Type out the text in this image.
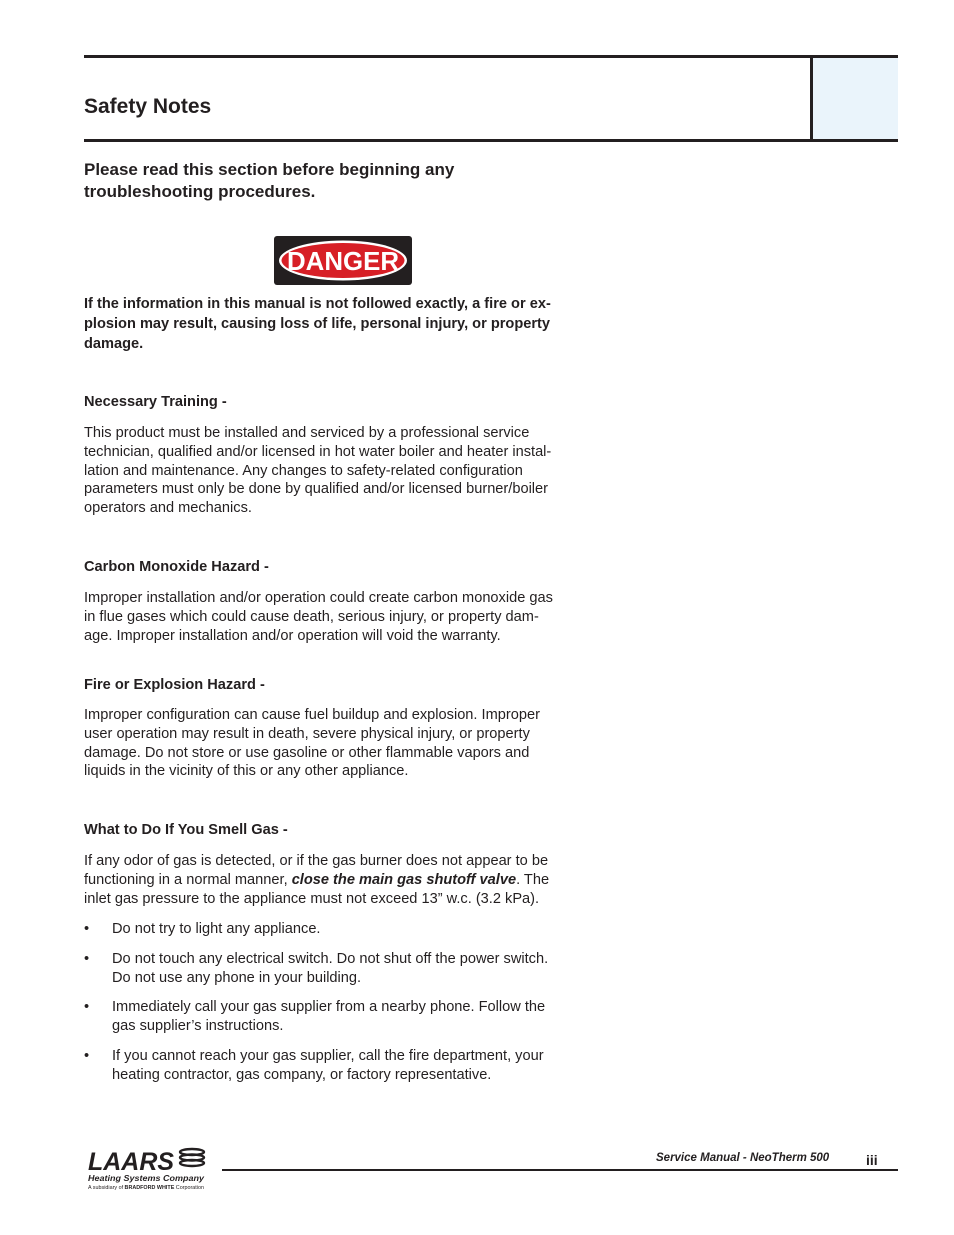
Safety Notes

Please read this section before beginning any troubleshooting procedures.

DANGER

If the information in this manual is not followed exactly, a fire or ex-
plosion may result, causing loss of life, personal injury, or property
damage.

Necessary Training -

This product must be installed and serviced by a professional service
technician, qualified and/or licensed in hot water boiler and heater instal-
lation and maintenance. Any changes to safety-related configuration
parameters must only be done by qualified and/or licensed burner/boiler
operators and mechanics.

Carbon Monoxide Hazard -

Improper installation and/or operation could create carbon monoxide gas
in flue gases which could cause death, serious injury, or property dam-
age. Improper installation and/or operation will void the warranty.

Fire or Explosion Hazard -

Improper configuration can cause fuel buildup and explosion. Improper
user operation may result in death, severe physical injury, or property
damage. Do not store or use gasoline or other flammable vapors and
liquids in the vicinity of this or any other appliance.

What to Do If You Smell Gas -

If any odor of gas is detected, or if the gas burner does not appear to be
functioning in a normal manner, close the main gas shutoff valve. The
inlet gas pressure to the appliance must not exceed 13” w.c. (3.2 kPa).

• Do not try to light any appliance.
• Do not touch any electrical switch. Do not shut off the power switch.
Do not use any phone in your building.
• Immediately call your gas supplier from a nearby phone. Follow the
gas supplier’s instructions.
• If you cannot reach your gas supplier, call the fire department, your
heating contractor, gas company, or factory representative.
LAARS
Heating Systems Company
A subsidiary of BRADFORD WHITE Corporation
Service Manual - NeoTherm 500	iii
